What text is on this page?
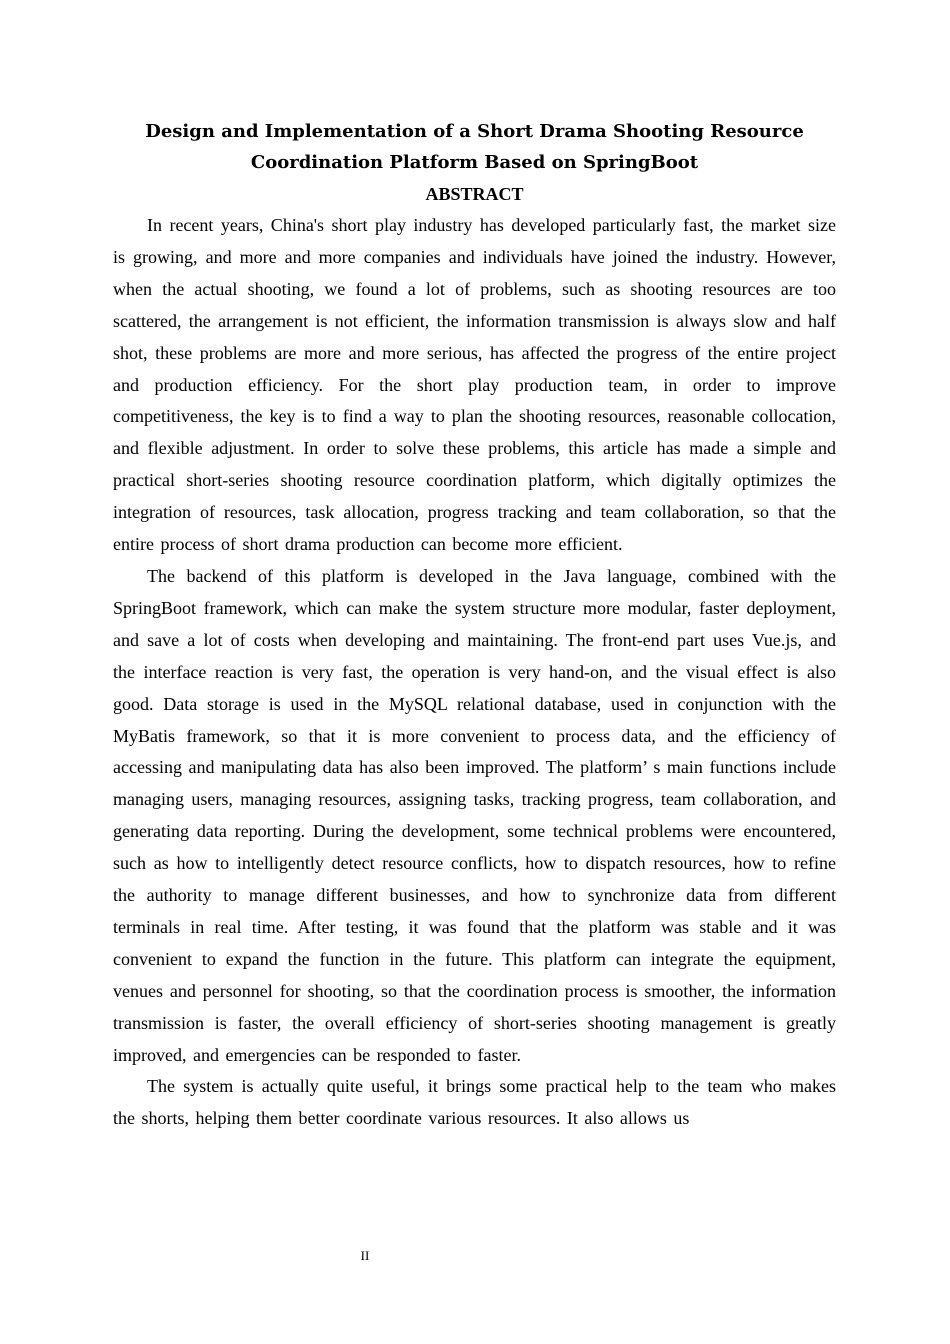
Design and Implementation of a Short Drama Shooting Resource Coordination Platform Based on SpringBoot
ABSTRACT

In recent years, China's short play industry has developed particularly fast, the market size is growing, and more and more companies and individuals have joined the industry. However, when the actual shooting, we found a lot of problems, such as shooting resources are too scattered, the arrangement is not efficient, the information transmission is always slow and half shot, these problems are more and more serious, has affected the progress of the entire project and production efficiency. For the short play production team, in order to improve competitiveness, the key is to find a way to plan the shooting resources, reasonable collocation, and flexible adjustment. In order to solve these problems, this article has made a simple and practical short-series shooting resource coordination platform, which digitally optimizes the integration of resources, task allocation, progress tracking and team collaboration, so that the entire process of short drama production can become more efficient.

The backend of this platform is developed in the Java language, combined with the SpringBoot framework, which can make the system structure more modular, faster deployment, and save a lot of costs when developing and maintaining. The front-end part uses Vue.js, and the interface reaction is very fast, the operation is very hand-on, and the visual effect is also good. Data storage is used in the MySQL relational database, used in conjunction with the MyBatis framework, so that it is more convenient to process data, and the efficiency of accessing and manipulating data has also been improved. The platform’ s main functions include managing users, managing resources, assigning tasks, tracking progress, team collaboration, and generating data reporting. During the development, some technical problems were encountered, such as how to intelligently detect resource conflicts, how to dispatch resources, how to refine the authority to manage different businesses, and how to synchronize data from different terminals in real time. After testing, it was found that the platform was stable and it was convenient to expand the function in the future. This platform can integrate the equipment, venues and personnel for shooting, so that the coordination process is smoother, the information transmission is faster, the overall efficiency of short-series shooting management is greatly improved, and emergencies can be responded to faster.

The system is actually quite useful, it brings some practical help to the team who makes the shorts, helping them better coordinate various resources. It also allows us

II
